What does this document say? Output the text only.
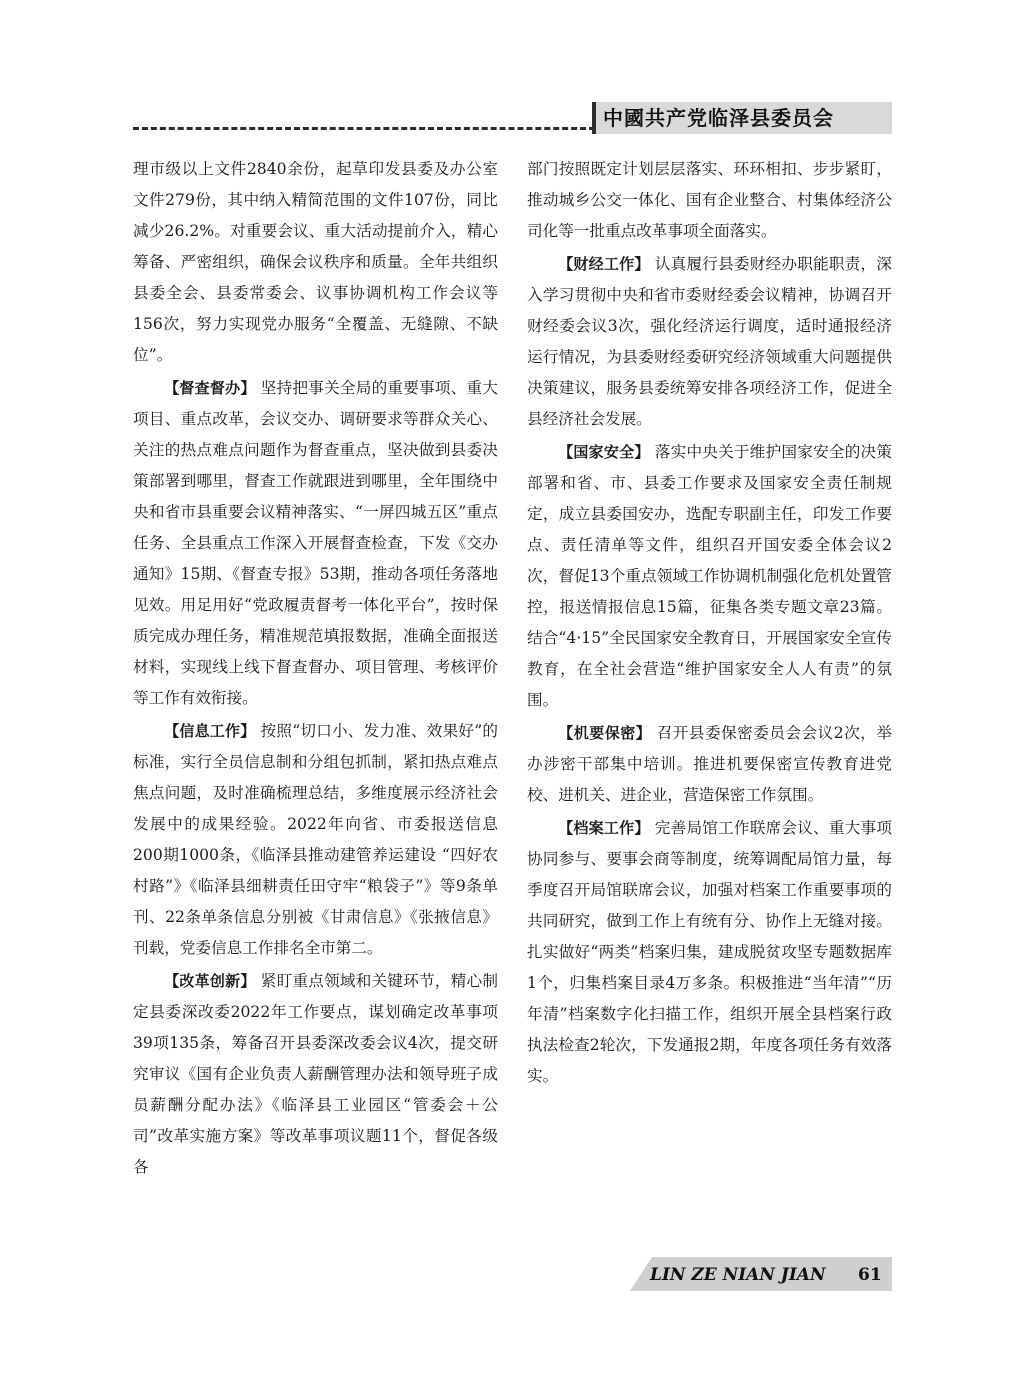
中國共产党临泽县委员会

理市级以上文件2840余份，起草印发县委及办公室文件279份，其中纳入精简范围的文件107份，同比减少26.2%。对重要会议、重大活动提前介入，精心筹备、严密组织，确保会议秩序和质量。全年共组织县委全会、县委常委会、议事协调机构工作会议等156次，努力实现党办服务“全覆盖、无缝隙、不缺位”。

【督查督办】 坚持把事关全局的重要事项、重大项目、重点改革，会议交办、调研要求等群众关心、关注的热点难点问题作为督查重点，坚决做到县委决策部署到哪里，督查工作就跟进到哪里，全年围绕中央和省市县重要会议精神落实、“一屏四城五区”重点任务、全县重点工作深入开展督查检查，下发《交办通知》15期、《督查专报》53期，推动各项任务落地见效。用足用好“党政履责督考一体化平台”，按时保质完成办理任务，精准规范填报数据，准确全面报送材料，实现线上线下督查督办、项目管理、考核评价等工作有效衔接。

【信息工作】 按照“切口小、发力准、效果好”的标准，实行全员信息制和分组包抓制，紧扣热点难点焦点问题，及时准确梳理总结，多维度展示经济社会发展中的成果经验。2022年向省、市委报送信息200期1000条，《临泽县推动建管养运建设 “四好农村路”》《临泽县细耕责任田守牢“粮袋子”》等9条单刊、22条单条信息分别被《甘肃信息》《张掖信息》刊载，党委信息工作排名全市第二。

【改革创新】 紧盯重点领域和关键环节，精心制定县委深改委2022年工作要点，谋划确定改革事项39项135条，筹备召开县委深改委会议4次，提交研究审议《国有企业负责人薪酬管理办法和领导班子成员薪酬分配办法》《临泽县工业园区“管委会＋公司”改革实施方案》等改革事项议题11个，督促各级各

部门按照既定计划层层落实、环环相扣、步步紧盯，推动城乡公交一体化、国有企业整合、村集体经济公司化等一批重点改革事项全面落实。

【财经工作】 认真履行县委财经办职能职责，深入学习贯彻中央和省市委财经委会议精神，协调召开财经委会议3次，强化经济运行调度，适时通报经济运行情况，为县委财经委研究经济领域重大问题提供决策建议，服务县委统筹安排各项经济工作，促进全县经济社会发展。

【国家安全】 落实中央关于维护国家安全的决策部署和省、市、县委工作要求及国家安全责任制规定，成立县委国安办，选配专职副主任，印发工作要点、责任清单等文件，组织召开国安委全体会议2次，督促13个重点领域工作协调机制强化危机处置管控，报送情报信息15篇，征集各类专题文章23篇。结合“4·15”全民国家安全教育日，开展国家安全宣传教育，在全社会营造“维护国家安全人人有责”的氛围。

【机要保密】 召开县委保密委员会会议2次，举办涉密干部集中培训。推进机要保密宣传教育进党校、进机关、进企业，营造保密工作氛围。

【档案工作】 完善局馆工作联席会议、重大事项协同参与、要事会商等制度，统筹调配局馆力量，每季度召开局馆联席会议，加强对档案工作重要事项的共同研究，做到工作上有统有分、协作上无缝对接。扎实做好“两类”档案归集，建成脱贫攻坚专题数据库1个，归集档案目录4万多条。积极推进“当年清”“历年清”档案数字化扫描工作，组织开展全县档案行政执法检查2轮次，下发通报2期，年度各项任务有效落实。

LIN ZE NIAN JIAN 61
